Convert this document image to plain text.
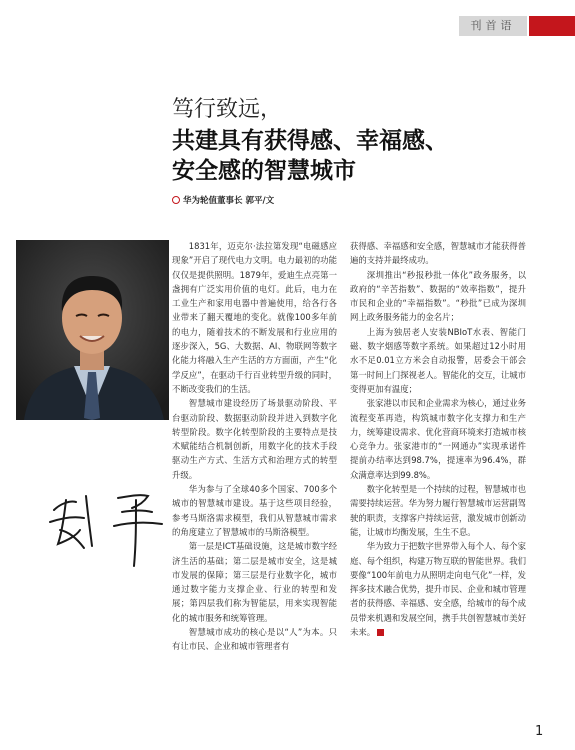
刊首语
笃行致远，
共建具有获得感、幸福感、
安全感的智慧城市
华为轮值董事长 郭平/文

1831年，迈克尔·法拉第发现“电磁感应现象”开启了现代电力文明。电力最初的功能仅仅是提供照明。1879年，爱迪生点亮第一盏拥有广泛实用价值的电灯。此后，电力在工业生产和家用电器中普遍使用，给各行各业带来了翻天覆地的变化。就像100多年前的电力，随着技术的不断发展和行业应用的逐步深入，5G、大数据、AI、物联网等数字化能力将融入生产生活的方方面面，产生“化学反应”，在驱动千行百业转型升级的同时，不断改变我们的生活。

智慧城市建设经历了场景驱动阶段、平台驱动阶段、数据驱动阶段并进入到数字化转型阶段。数字化转型阶段的主要特点是技术赋能结合机制创新，用数字化的技术手段驱动生产方式、生活方式和治理方式的转型升级。

华为参与了全球40多个国家、700多个城市的智慧城市建设。基于这些项目经验，参考马斯洛需求模型，我们从智慧城市需求的角度建立了智慧城市的马斯洛模型。

第一层是ICT基础设施，这是城市数字经济生活的基础；第二层是城市安全，这是城市发展的保障；第三层是行业数字化，城市通过数字能力支撑企业、行业的转型和发展；第四层我们称为智能层，用来实现智能化的城市服务和统筹管理。

智慧城市成功的核心是以“人”为本。只有让市民、企业和城市管理者有

获得感、幸福感和安全感，智慧城市才能获得普遍的支持并最终成功。

深圳推出“秒报秒批一体化”政务服务，以政府的“辛苦指数”、数据的“效率指数”，提升市民和企业的“幸福指数”。“秒批”已成为深圳网上政务服务能力的金名片；

上海为独居老人安装NBIoT水表、智能门磁、数字烟感等数字系统。如果超过12小时用水不足0.01立方米会自动报警，居委会干部会第一时间上门探视老人。智能化的交互，让城市变得更加有温度；

张家港以市民和企业需求为核心，通过业务流程变革再造，构筑城市数字化支撑力和生产力，统筹建设需求、优化营商环境来打造城市核心竞争力。张家港市的“一网通办”实现承诺件提前办结率达到98.7%，提速率为96.4%，群众满意率达到99.8%。

数字化转型是一个持续的过程，智慧城市也需要持续运营。华为努力履行智慧城市运营副驾驶的职责，支撑客户持续运营，激发城市创新动能，让城市均衡发展，生生不息。

华为致力于把数字世界带入每个人、每个家庭、每个组织，构建万物互联的智能世界。我们要像“100年前电力从照明走向电气化”一样，发挥多技术融合优势，提升市民、企业和城市管理者的获得感、幸福感、安全感，给城市的每个成员带来机遇和发展空间，携手共创智慧城市美好未来。

1
